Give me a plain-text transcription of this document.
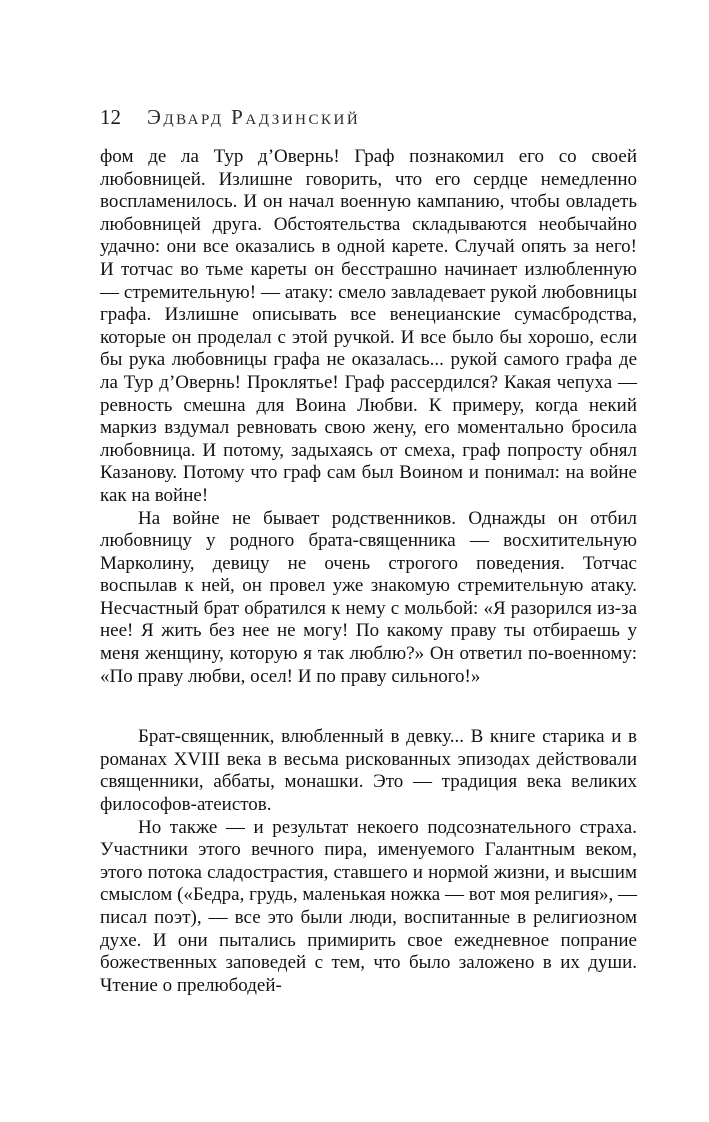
12 Эдвард Радзинский

фом де ла Тур д’Овернь! Граф познакомил его со своей любовницей. Излишне говорить, что его сердце немедленно воспламенилось. И он начал военную кампанию, чтобы овладеть любовницей друга. Обстоятельства складываются необычайно удачно: они все оказались в одной карете. Случай опять за него! И тотчас во тьме кареты он бесстрашно начинает излюбленную — стремительную! — атаку: смело завладевает рукой любовницы графа. Излишне описывать все венецианские сумасбродства, которые он проделал с этой ручкой. И все было бы хорошо, если бы рука любовницы графа не оказалась... рукой самого графа де ла Тур д’Овернь! Проклятье! Граф рассердился? Какая чепуха — ревность смешна для Воина Любви. К примеру, когда некий маркиз вздумал ревновать свою жену, его моментально бросила любовница. И потому, задыхаясь от смеха, граф попросту обнял Казанову. Потому что граф сам был Воином и понимал: на войне как на войне!

На войне не бывает родственников. Однажды он отбил любовницу у родного брата-священника — восхитительную Марколину, девицу не очень строгого поведения. Тотчас воспылав к ней, он провел уже знакомую стремительную атаку. Несчастный брат обратился к нему с мольбой: «Я разорился из-за нее! Я жить без нее не могу! По какому праву ты отбираешь у меня женщину, которую я так люблю?» Он ответил по-военному: «По праву любви, осел! И по праву сильного!»

Брат-священник, влюбленный в девку... В книге старика и в романах XVIII века в весьма рискованных эпизодах действовали священники, аббаты, монашки. Это — традиция века великих философов-атеистов.

Но также — и результат некоего подсознательного страха. Участники этого вечного пира, именуемого Галантным веком, этого потока сладострастия, ставшего и нормой жизни, и высшим смыслом («Бедра, грудь, маленькая ножка — вот моя религия», — писал поэт), — все это были люди, воспитанные в религиозном духе. И они пытались примирить свое ежедневное попрание божественных заповедей с тем, что было заложено в их души. Чтение о прелюбодей-
